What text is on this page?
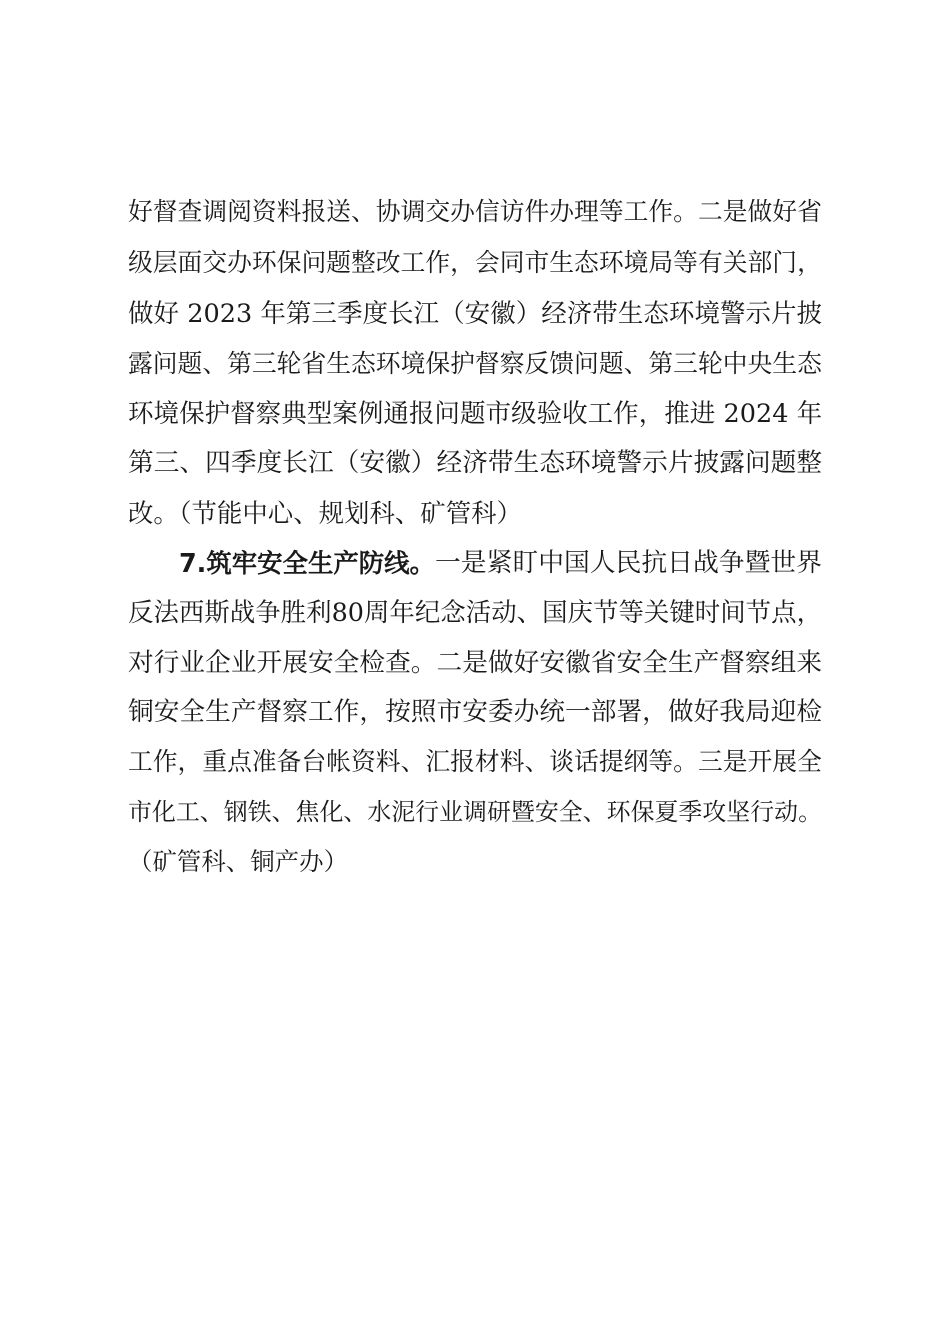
好督查调阅资料报送、协调交办信访件办理等工作。二是做好省
级层面交办环保问题整改工作，会同市生态环境局等有关部门，
做好 2023 年第三季度长江（安徽）经济带生态环境警示片披
露问题、第三轮省生态环境保护督察反馈问题、第三轮中央生态
环境保护督察典型案例通报问题市级验收工作，推进 2024 年
第三、四季度长江（安徽）经济带生态环境警示片披露问题整
改。（节能中心、规划科、矿管科）
7.筑牢安全生产防线。 一是紧盯中国人民抗日战争暨世界
反法西斯战争胜利80周年纪念活动、国庆节等关键时间节点，
对行业企业开展安全检查。二是做好安徽省安全生产督察组来
铜安全生产督察工作，按照市安委办统一部署，做好我局迎检
工作，重点准备台帐资料、汇报材料、谈话提纲等。三是开展全
市化工、钢铁、焦化、水泥行业调研暨安全、环保夏季攻坚行动。
（矿管科、铜产办）
